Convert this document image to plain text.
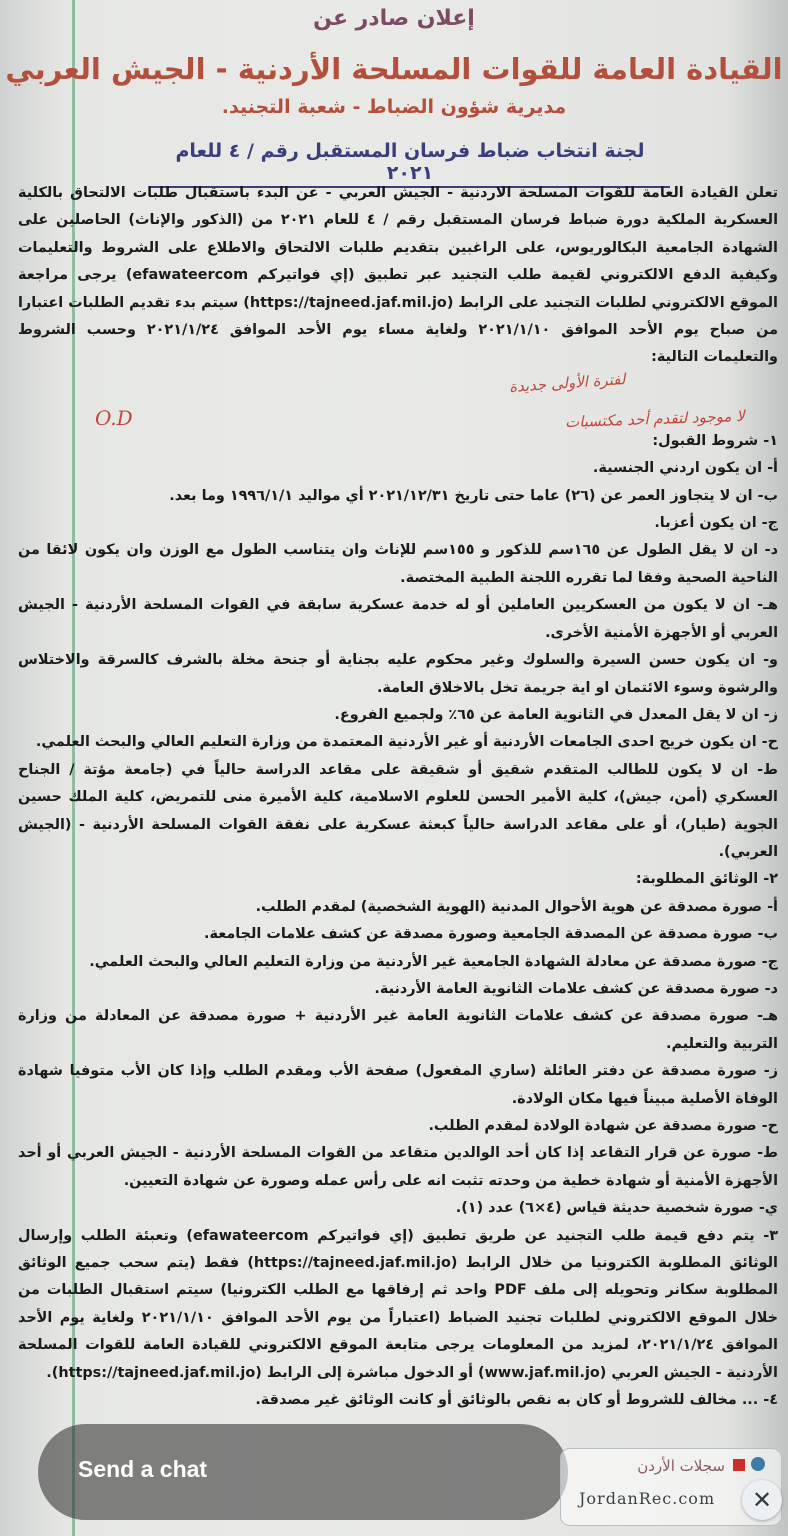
إعلان صادر عن
القيادة العامة للقوات المسلحة الأردنية - الجيش العربي
مديرية شؤون الضباط - شعبة التجنيد.
لجنة انتخاب ضباط فرسان المستقبل رقم / ٤ للعام ٢٠٢١

تعلن القيادة العامة للقوات المسلحة الاردنية - الجيش العربي - عن البدء باستقبال طلبات الالتحاق بالكلية العسكرية الملكية دورة ضباط فرسان المستقبل رقم / ٤ للعام ٢٠٢١ من (الذكور والإناث) الحاصلين على الشهادة الجامعية البكالوريوس، على الراغبين بتقديم طلبات الالتحاق والاطلاع على الشروط والتعليمات وكيفية الدفع الالكتروني لقيمة طلب التجنيد عبر تطبيق (إي فواتيركم efawateercom) يرجى مراجعة الموقع الالكتروني لطلبات التجنيد على الرابط (https://tajneed.jaf.mil.jo) سيتم بدء تقديم الطلبات اعتبارا من صباح يوم الأحد الموافق ٢٠٢١/١/١٠ ولغاية مساء يوم الأحد الموافق ٢٠٢١/١/٢٤ وحسب الشروط والتعليمات التالية:

١- شروط القبول:

أ- ان يكون اردني الجنسية.

ب- ان لا يتجاوز العمر عن (٢٦) عاما حتى تاريخ ٢٠٢١/١٢/٣١ أي مواليد ١٩٩٦/١/١ وما بعد.

ج- ان يكون أعزبا.

د- ان لا يقل الطول عن ١٦٥سم للذكور و ١٥٥سم للإناث وان يتناسب الطول مع الوزن وان يكون لائقا من الناحية الصحية وفقا لما تقرره اللجنة الطبية المختصة.

هـ- ان لا يكون من العسكريين العاملين أو له خدمة عسكرية سابقة في القوات المسلحة الأردنية - الجيش العربي أو الأجهزة الأمنية الأخرى.

و- ان يكون حسن السيرة والسلوك وغير محكوم عليه بجناية أو جنحة مخلة بالشرف كالسرقة والاختلاس والرشوة وسوء الائتمان او اية جريمة تخل بالاخلاق العامة.

ز- ان لا يقل المعدل في الثانوية العامة عن ٦٥٪ ولجميع الفروع.

ح- ان يكون خريج احدى الجامعات الأردنية أو غير الأردنية المعتمدة من وزارة التعليم العالي والبحث العلمي.

ط- ان لا يكون للطالب المتقدم شقيق أو شقيقة على مقاعد الدراسة حالياً في (جامعة مؤتة / الجناح العسكري (أمن، جيش)، كلية الأمير الحسن للعلوم الاسلامية، كلية الأميرة منى للتمريض، كلية الملك حسين الجوية (طيار)، أو على مقاعد الدراسة حالياً كبعثة عسكرية على نفقة القوات المسلحة الأردنية - (الجيش العربي).

٢- الوثائق المطلوبة:

أ- صورة مصدقة عن هوية الأحوال المدنية (الهوية الشخصية) لمقدم الطلب.

ب- صورة مصدقة عن المصدقة الجامعية وصورة مصدقة عن كشف علامات الجامعة.

ج- صورة مصدقة عن معادلة الشهادة الجامعية غير الأردنية من وزارة التعليم العالي والبحث العلمي.

د- صورة مصدقة عن كشف علامات الثانوية العامة الأردنية.

هـ- صورة مصدقة عن كشف علامات الثانوية العامة غير الأردنية + صورة مصدقة عن المعادلة من وزارة التربية والتعليم.

ز- صورة مصدقة عن دفتر العائلة (ساري المفعول) صفحة الأب ومقدم الطلب وإذا كان الأب متوفيا شهادة الوفاة الأصلية مبيناً فيها مكان الولادة.

ح- صورة مصدقة عن شهادة الولادة لمقدم الطلب.

ط- صورة عن قرار التقاعد إذا كان أحد الوالدين متقاعد من القوات المسلحة الأردنية - الجيش العربي أو أحد الأجهزة الأمنية أو شهادة خطية من وحدته تثبت انه على رأس عمله وصورة عن شهادة التعيين.

ي- صورة شخصية حديثة قياس (٤×٦) عدد (١).

٣- يتم دفع قيمة طلب التجنيد عن طريق تطبيق (إي فواتيركم efawateercom) وتعبئة الطلب وإرسال الوثائق المطلوبة الكترونيا من خلال الرابط (https://tajneed.jaf.mil.jo) فقط (يتم سحب جميع الوثائق المطلوبة سكانر وتحويله إلى ملف PDF واحد ثم إرفاقها مع الطلب الكترونيا) سيتم استقبال الطلبات من خلال الموقع الالكتروني لطلبات تجنيد الضباط (اعتباراً من يوم الأحد الموافق ٢٠٢١/١/١٠ ولغاية يوم الأحد الموافق ٢٠٢١/١/٢٤، لمزيد من المعلومات يرجى متابعة الموقع الالكتروني للقيادة العامة للقوات المسلحة الأردنية - الجيش العربي (www.jaf.mil.jo) أو الدخول مباشرة إلى الرابط (https://tajneed.jaf.mil.jo).

٤- ... مخالف للشروط أو كان به نقص بالوثائق أو كانت الوثائق غير مصدقة.

لفترة الأولى جديدة
لا موجود لتقدم أحد مكتسبات
O.D
Send a chat	سجلات الأردن
JordanRec.com	✕
